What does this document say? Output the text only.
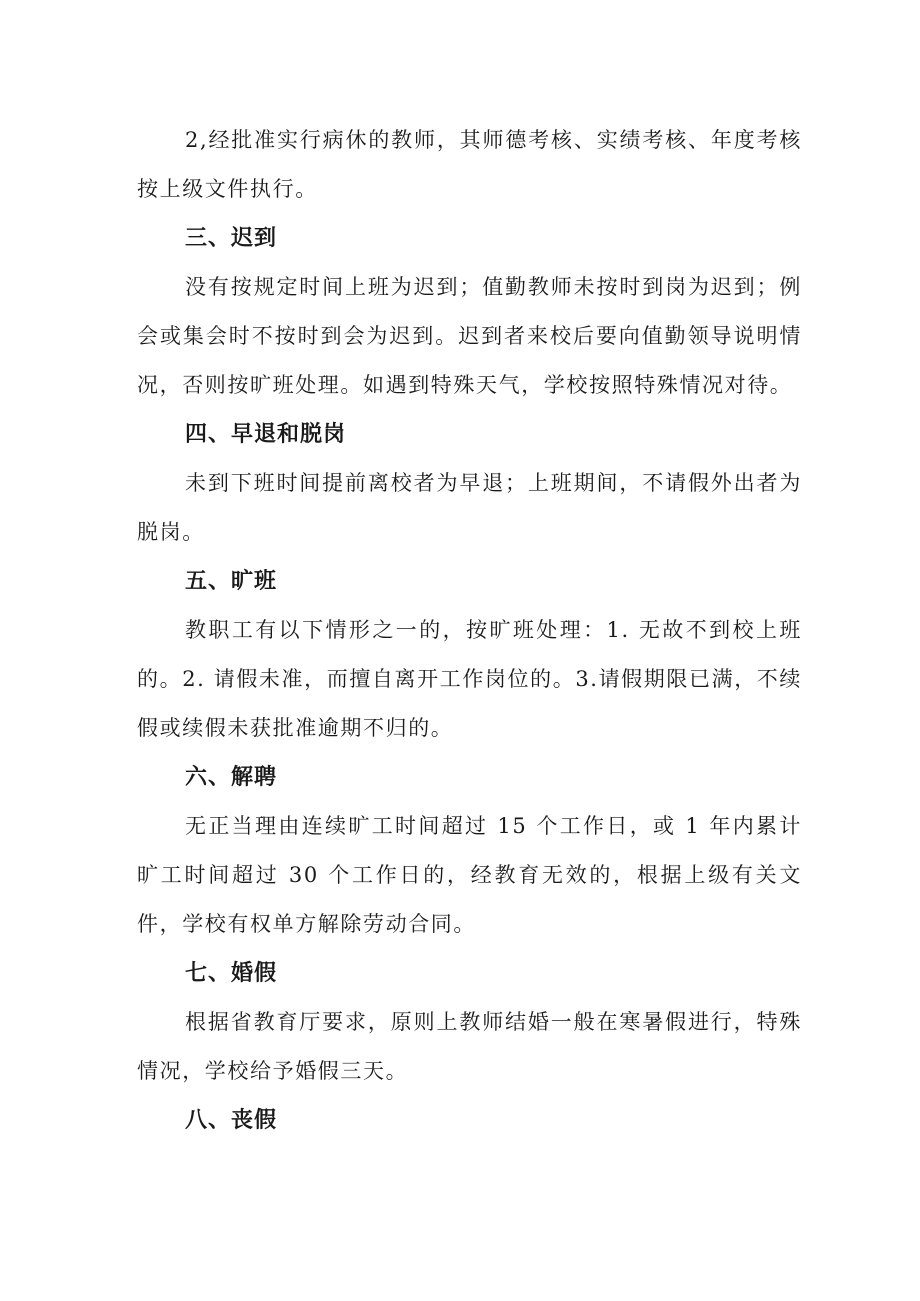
2,经批准实行病休的教师，其师德考核、实绩考核、年度考核按上级文件执行。

三、迟到

没有按规定时间上班为迟到；值勤教师未按时到岗为迟到；例会或集会时不按时到会为迟到。迟到者来校后要向值勤领导说明情况，否则按旷班处理。如遇到特殊天气，学校按照特殊情况对待。

四、早退和脱岗

未到下班时间提前离校者为早退；上班期间，不请假外出者为脱岗。

五、旷班

教职工有以下情形之一的，按旷班处理：1. 无故不到校上班的。2. 请假未准，而擅自离开工作岗位的。3.请假期限已满，不续假或续假未获批准逾期不归的。

六、解聘

无正当理由连续旷工时间超过 15 个工作日，或 1 年内累计旷工时间超过 30 个工作日的，经教育无效的，根据上级有关文件，学校有权单方解除劳动合同。

七、婚假

根据省教育厅要求，原则上教师结婚一般在寒暑假进行，特殊情况，学校给予婚假三天。

八、丧假
